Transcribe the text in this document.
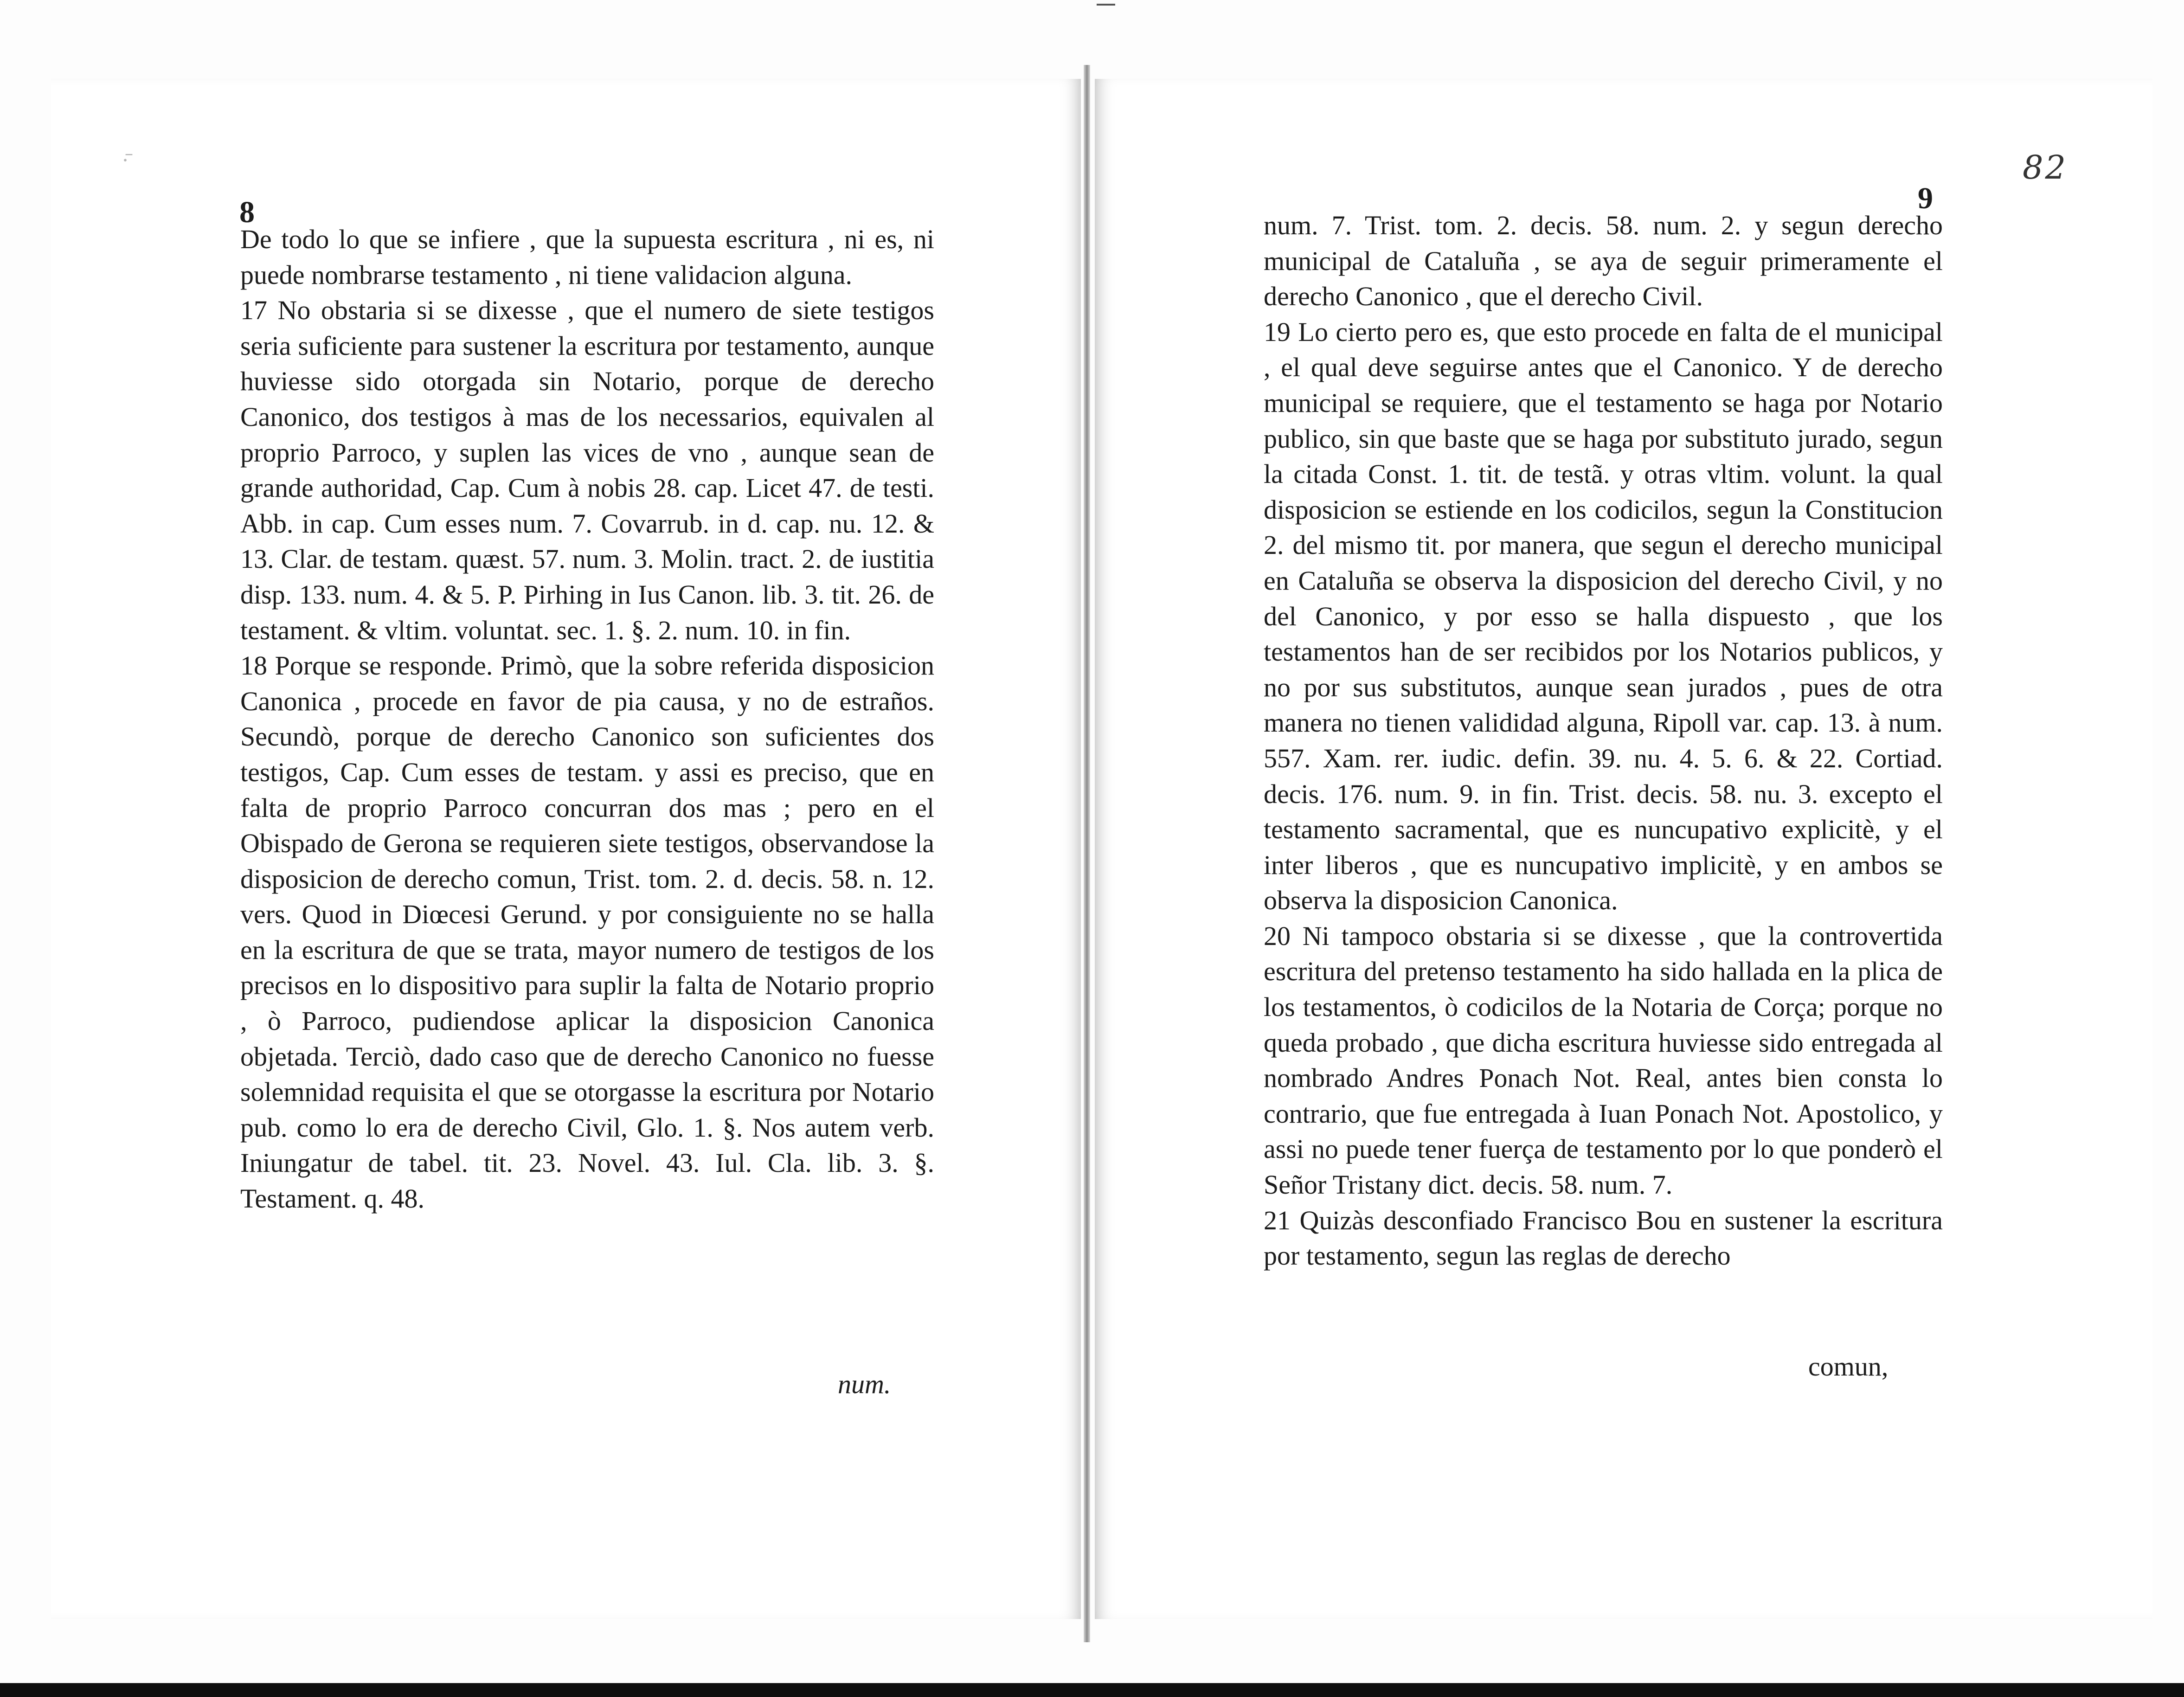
·̄
8

De todo lo que se infiere , que la supuesta escritura , ni es, ni puede nombrarse testamento , ni tiene validacion alguna.

17 No obstaria si se dixesse , que el numero de siete testigos seria suficiente para sustener la escritura por testamento, aunque huviesse sido otorgada sin Notario, porque de derecho Canonico, dos testigos à mas de los necessarios, equivalen al proprio Parroco, y suplen las vices de vno , aunque sean de grande authoridad, Cap. Cum à nobis 28. cap. Licet 47. de testi. Abb. in cap. Cum esses num. 7. Covarrub. in d. cap. nu. 12. & 13. Clar. de testam. quæst. 57. num. 3. Molin. tract. 2. de iustitia disp. 133. num. 4. & 5. P. Pirhing in Ius Canon. lib. 3. tit. 26. de testament. & vltim. voluntat. sec. 1. §. 2. num. 10. in fin.

18 Porque se responde. Primò, que la sobre referida disposicion Canonica , procede en favor de pia causa, y no de estraños. Secundò, porque de derecho Canonico son suficientes dos testigos, Cap. Cum esses de testam. y assi es preciso, que en falta de proprio Parroco concurran dos mas ; pero en el Obispado de Gerona se requieren siete testigos, observandose la disposicion de derecho comun, Trist. tom. 2. d. decis. 58. n. 12. vers. Quod in Diœcesi Gerund. y por consiguiente no se halla en la escritura de que se trata, mayor numero de testigos de los precisos en lo dispositivo para suplir la falta de Notario proprio , ò Parroco, pudiendose aplicar la disposicion Canonica objetada. Terciò, dado caso que de derecho Canonico no fuesse solemnidad requisita el que se otorgasse la escritura por Notario pub. como lo era de derecho Civil, Glo. 1. §. Nos autem verb. Iniungatur de tabel. tit. 23. Novel. 43. Iul. Cla. lib. 3. §. Testament. q. 48.

num.
9
82

num. 7. Trist. tom. 2. decis. 58. num. 2. y segun derecho municipal de Cataluña , se aya de seguir primeramente el derecho Canonico , que el derecho Civil.

19 Lo cierto pero es, que esto procede en falta de el municipal , el qual deve seguirse antes que el Canonico. Y de derecho municipal se requiere, que el testamento se haga por Notario publico, sin que baste que se haga por substituto jurado, segun la citada Const. 1. tit. de testã. y otras vltim. volunt. la qual disposicion se estiende en los codicilos, segun la Constitucion 2. del mismo tit. por manera, que segun el derecho municipal en Cataluña se observa la disposicion del derecho Civil, y no del Canonico, y por esso se halla dispuesto , que los testamentos han de ser recibidos por los Notarios publicos, y no por sus substitutos, aunque sean jurados , pues de otra manera no tienen valididad alguna, Ripoll var. cap. 13. à num. 557. Xam. rer. iudic. defin. 39. nu. 4. 5. 6. & 22. Cortiad. decis. 176. num. 9. in fin. Trist. decis. 58. nu. 3. excepto el testamento sacramental, que es nuncupativo explicitè, y el inter liberos , que es nuncupativo implicitè, y en ambos se observa la disposicion Canonica.

20 Ni tampoco obstaria si se dixesse , que la controvertida escritura del pretenso testamento ha sido hallada en la plica de los testamentos, ò codicilos de la Notaria de Corça; porque no queda probado , que dicha escritura huviesse sido entregada al nombrado Andres Ponach Not. Real, antes bien consta lo contrario, que fue entregada à Iuan Ponach Not. Apostolico, y assi no puede tener fuerça de testamento por lo que ponderò el Señor Tristany dict. decis. 58. num. 7.

21 Quizàs desconfiado Francisco Bou en sustener la escritura por testamento, segun las reglas de derecho

comun,
